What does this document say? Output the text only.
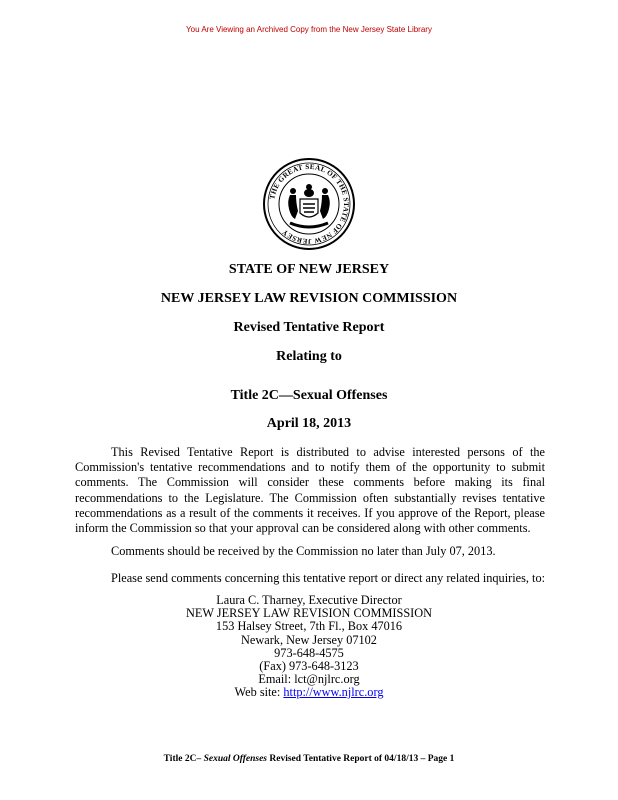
You Are Viewing an Archived Copy from the New Jersey State Library
THE GREAT SEAL OF THE STATE OF NEW JERSEY
STATE OF NEW JERSEY
NEW JERSEY LAW REVISION COMMISSION
Revised Tentative Report
Relating to
Title 2C—Sexual Offenses
April 18, 2013
This Revised Tentative Report is distributed to advise interested persons of the Commission's tentative recommendations and to notify them of the opportunity to submit comments. The Commission will consider these comments before making its final recommendations to the Legislature. The Commission often substantially revises tentative recommendations as a result of the comments it receives. If you approve of the Report, please inform the Commission so that your approval can be considered along with other comments.
Comments should be received by the Commission no later than July 07, 2013.
Please send comments concerning this tentative report or direct any related inquiries, to:
Laura C. Tharney, Executive Director
NEW JERSEY LAW REVISION COMMISSION
153 Halsey Street, 7th Fl., Box 47016
Newark, New Jersey 07102
973-648-4575
(Fax) 973-648-3123
Email: lct@njlrc.org
Web site: http://www.njlrc.org
Title 2C– Sexual Offenses Revised Tentative Report of 04/18/13 – Page 1
